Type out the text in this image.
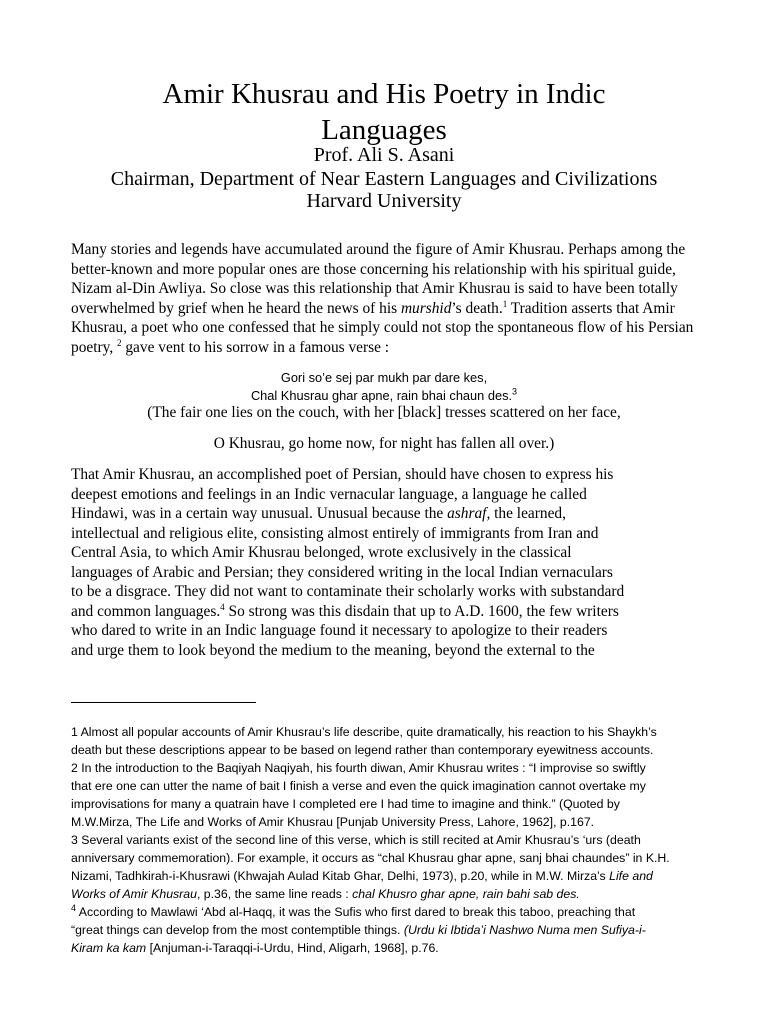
Amir Khusrau and His Poetry in Indic
Languages
Prof. Ali S. Asani
Chairman, Department of Near Eastern Languages and Civilizations
Harvard University
Many stories and legends have accumulated around the figure of Amir Khusrau. Perhaps among the
better-known and more popular ones are those concerning his relationship with his spiritual guide,
Nizam al-Din Awliya. So close was this relationship that Amir Khusrau is said to have been totally
overwhelmed by grief when he heard the news of his murshid’s death.$^1$ Tradition asserts that Amir
Khusrau, a poet who one confessed that he simply could not stop the spontaneous flow of his Persian
poetry, $^2$ gave vent to his sorrow in a famous verse :
Gori so’e sej par mukh par dare kes,
Chal Khusrau ghar apne, rain bhai chaun des.$^3$
(The fair one lies on the couch, with her [black] tresses scattered on her face,
O Khusrau, go home now, for night has fallen all over.)
That Amir Khusrau, an accomplished poet of Persian, should have chosen to express his
deepest emotions and feelings in an Indic vernacular language, a language he called
Hindawi, was in a certain way unusual. Unusual because the ashraf, the learned,
intellectual and religious elite, consisting almost entirely of immigrants from Iran and
Central Asia, to which Amir Khusrau belonged, wrote exclusively in the classical
languages of Arabic and Persian; they considered writing in the local Indian vernaculars
to be a disgrace. They did not want to contaminate their scholarly works with substandard
and common languages.$^4$ So strong was this disdain that up to A.D. 1600, the few writers
who dared to write in an Indic language found it necessary to apologize to their readers
and urge them to look beyond the medium to the meaning, beyond the external to the
1 Almost all popular accounts of Amir Khusrau’s life describe, quite dramatically, his reaction to his Shaykh’s
death but these descriptions appear to be based on legend rather than contemporary eyewitness accounts.
2 In the introduction to the Baqiyah Naqiyah, his fourth diwan, Amir Khusrau writes : “I improvise so swiftly
that ere one can utter the name of bait I finish a verse and even the quick imagination cannot overtake my
improvisations for many a quatrain have I completed ere I had time to imagine and think.” (Quoted by
M.W.Mirza, The Life and Works of Amir Khusrau [Punjab University Press, Lahore, 1962], p.167.
3 Several variants exist of the second line of this verse, which is still recited at Amir Khusrau’s ‘urs (death
anniversary commemoration). For example, it occurs as “chal Khusrau ghar apne, sanj bhai chaundes” in K.H.
Nizami, Tadhkirah-i-Khusrawi (Khwajah Aulad Kitab Ghar, Delhi, 1973), p.20, while in M.W. Mirza’s Life and
Works of Amir Khusrau, p.36, the same line reads : chal Khusro ghar apne, rain bahi sab des.
$^4$ According to Mawlawi ‘Abd al-Haqq, it was the Sufis who first dared to break this taboo, preaching that
“great things can develop from the most contemptible things. (Urdu ki Ibtida’i Nashwo Numa men Sufiya-i-
Kiram ka kam [Anjuman-i-Taraqqi-i-Urdu, Hind, Aligarh, 1968], p.76.
